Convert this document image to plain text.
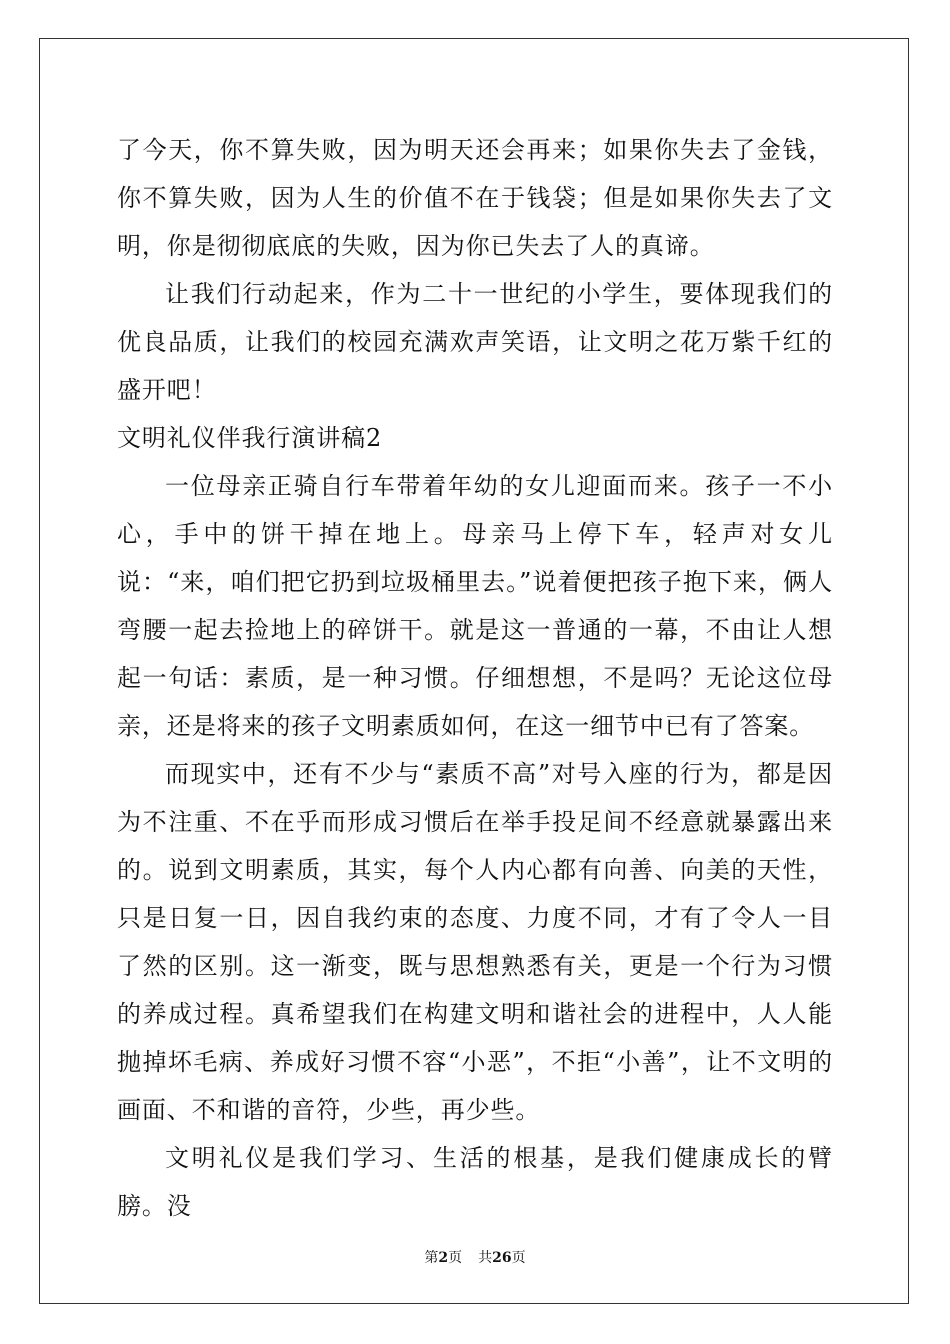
了今天，你不算失败，因为明天还会再来；如果你失去了金钱，你不算失败，因为人生的价值不在于钱袋；但是如果你失去了文明，你是彻彻底底的失败，因为你已失去了人的真谛。

让我们行动起来，作为二十一世纪的小学生，要体现我们的优良品质，让我们的校园充满欢声笑语，让文明之花万紫千红的盛开吧！

文明礼仪伴我行演讲稿2

一位母亲正骑自行车带着年幼的女儿迎面而来。孩子一不小心，手中的饼干掉在地上。母亲马上停下车，轻声对女儿说：“来，咱们把它扔到垃圾桶里去。”说着便把孩子抱下来，俩人弯腰一起去捡地上的碎饼干。就是这一普通的一幕，不由让人想起一句话：素质，是一种习惯。仔细想想，不是吗？无论这位母亲，还是将来的孩子文明素质如何，在这一细节中已有了答案。

而现实中，还有不少与“素质不高”对号入座的行为，都是因为不注重、不在乎而形成习惯后在举手投足间不经意就暴露出来的。说到文明素质，其实，每个人内心都有向善、向美的天性，只是日复一日，因自我约束的态度、力度不同，才有了令人一目了然的区别。这一渐变，既与思想熟悉有关，更是一个行为习惯的养成过程。真希望我们在构建文明和谐社会的进程中，人人能抛掉坏毛病、养成好习惯不容“小恶”，不拒“小善”，让不文明的画面、不和谐的音符，少些，再少些。

文明礼仪是我们学习、生活的根基，是我们健康成长的臂膀。没

第2页 共26页
